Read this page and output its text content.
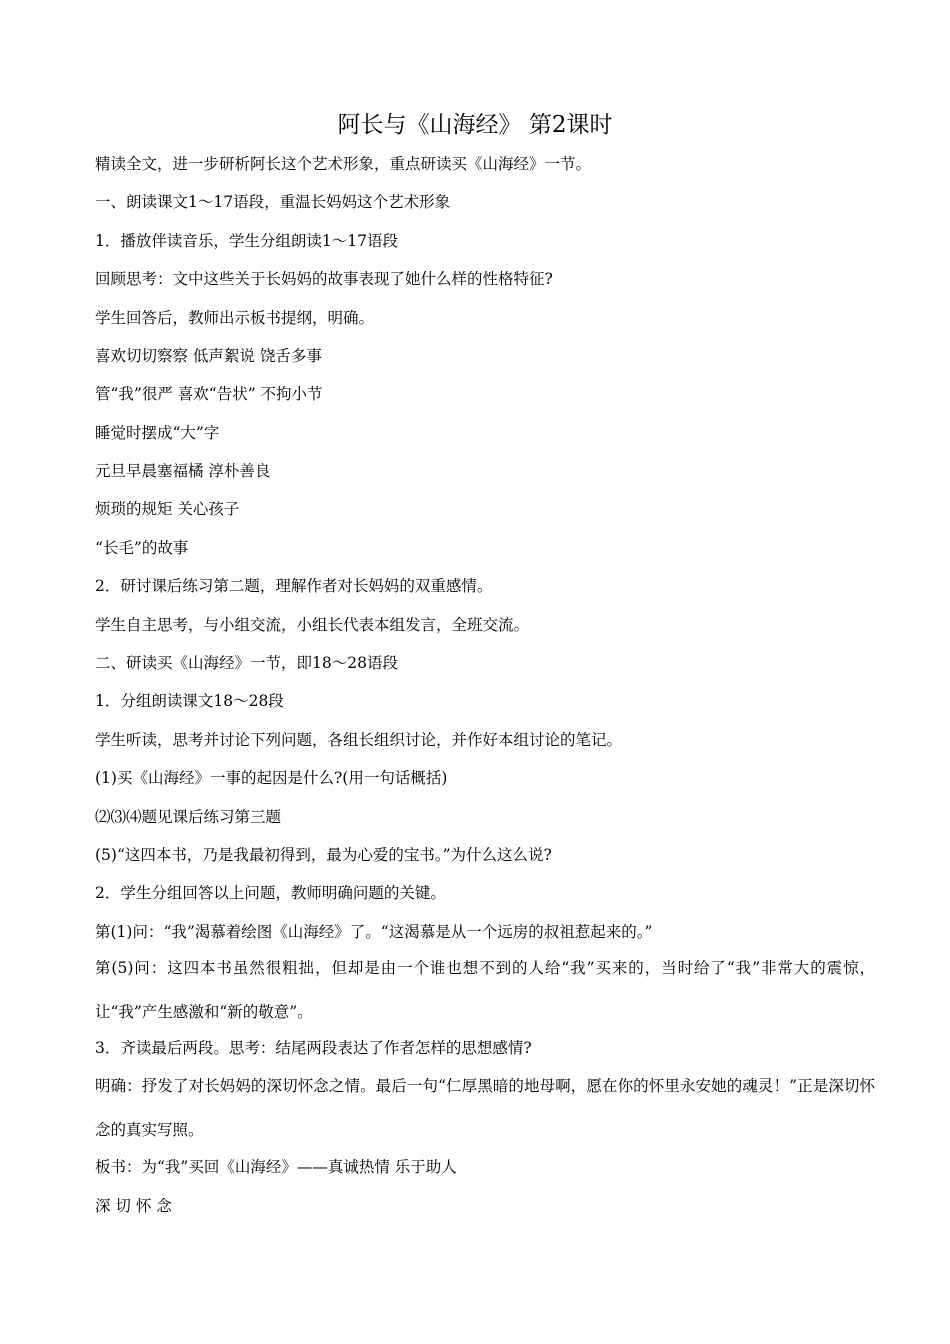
阿长与《山海经》 第2课时

精读全文，进一步研析阿长这个艺术形象，重点研读买《山海经》一节。

一、朗读课文1～17语段，重温长妈妈这个艺术形象

1．播放伴读音乐，学生分组朗读1～17语段

回顾思考：文中这些关于长妈妈的故事表现了她什么样的性格特征?

学生回答后，教师出示板书提纲，明确。

喜欢切切察察 低声絮说 饶舌多事

管“我”很严 喜欢“告状” 不拘小节

睡觉时摆成“大”字

元旦早晨塞福橘 淳朴善良

烦琐的规矩 关心孩子

“长毛”的故事

2．研讨课后练习第二题，理解作者对长妈妈的双重感情。

学生自主思考，与小组交流，小组长代表本组发言，全班交流。

二、研读买《山海经》一节，即18～28语段

1．分组朗读课文18～28段

学生听读，思考并讨论下列问题，各组长组织讨论，并作好本组讨论的笔记。

(1)买《山海经》一事的起因是什么?(用一句话概括)

⑵⑶⑷题见课后练习第三题

(5)“这四本书，乃是我最初得到，最为心爱的宝书。”为什么这么说?

2．学生分组回答以上问题，教师明确问题的关键。

第(1)问：“我”渴慕着绘图《山海经》了。“这渴慕是从一个远房的叔祖惹起来的。”

第(5)问：这四本书虽然很粗拙，但却是由一个谁也想不到的人给“我”买来的，当时给了“我”非常大的震惊，让“我”产生感激和“新的敬意”。

3．齐读最后两段。思考：结尾两段表达了作者怎样的思想感情?

明确：抒发了对长妈妈的深切怀念之情。最后一句“仁厚黑暗的地母啊，愿在你的怀里永安她的魂灵！”正是深切怀念的真实写照。

板书：为“我”买回《山海经》——真诚热情 乐于助人

深 切 怀 念
